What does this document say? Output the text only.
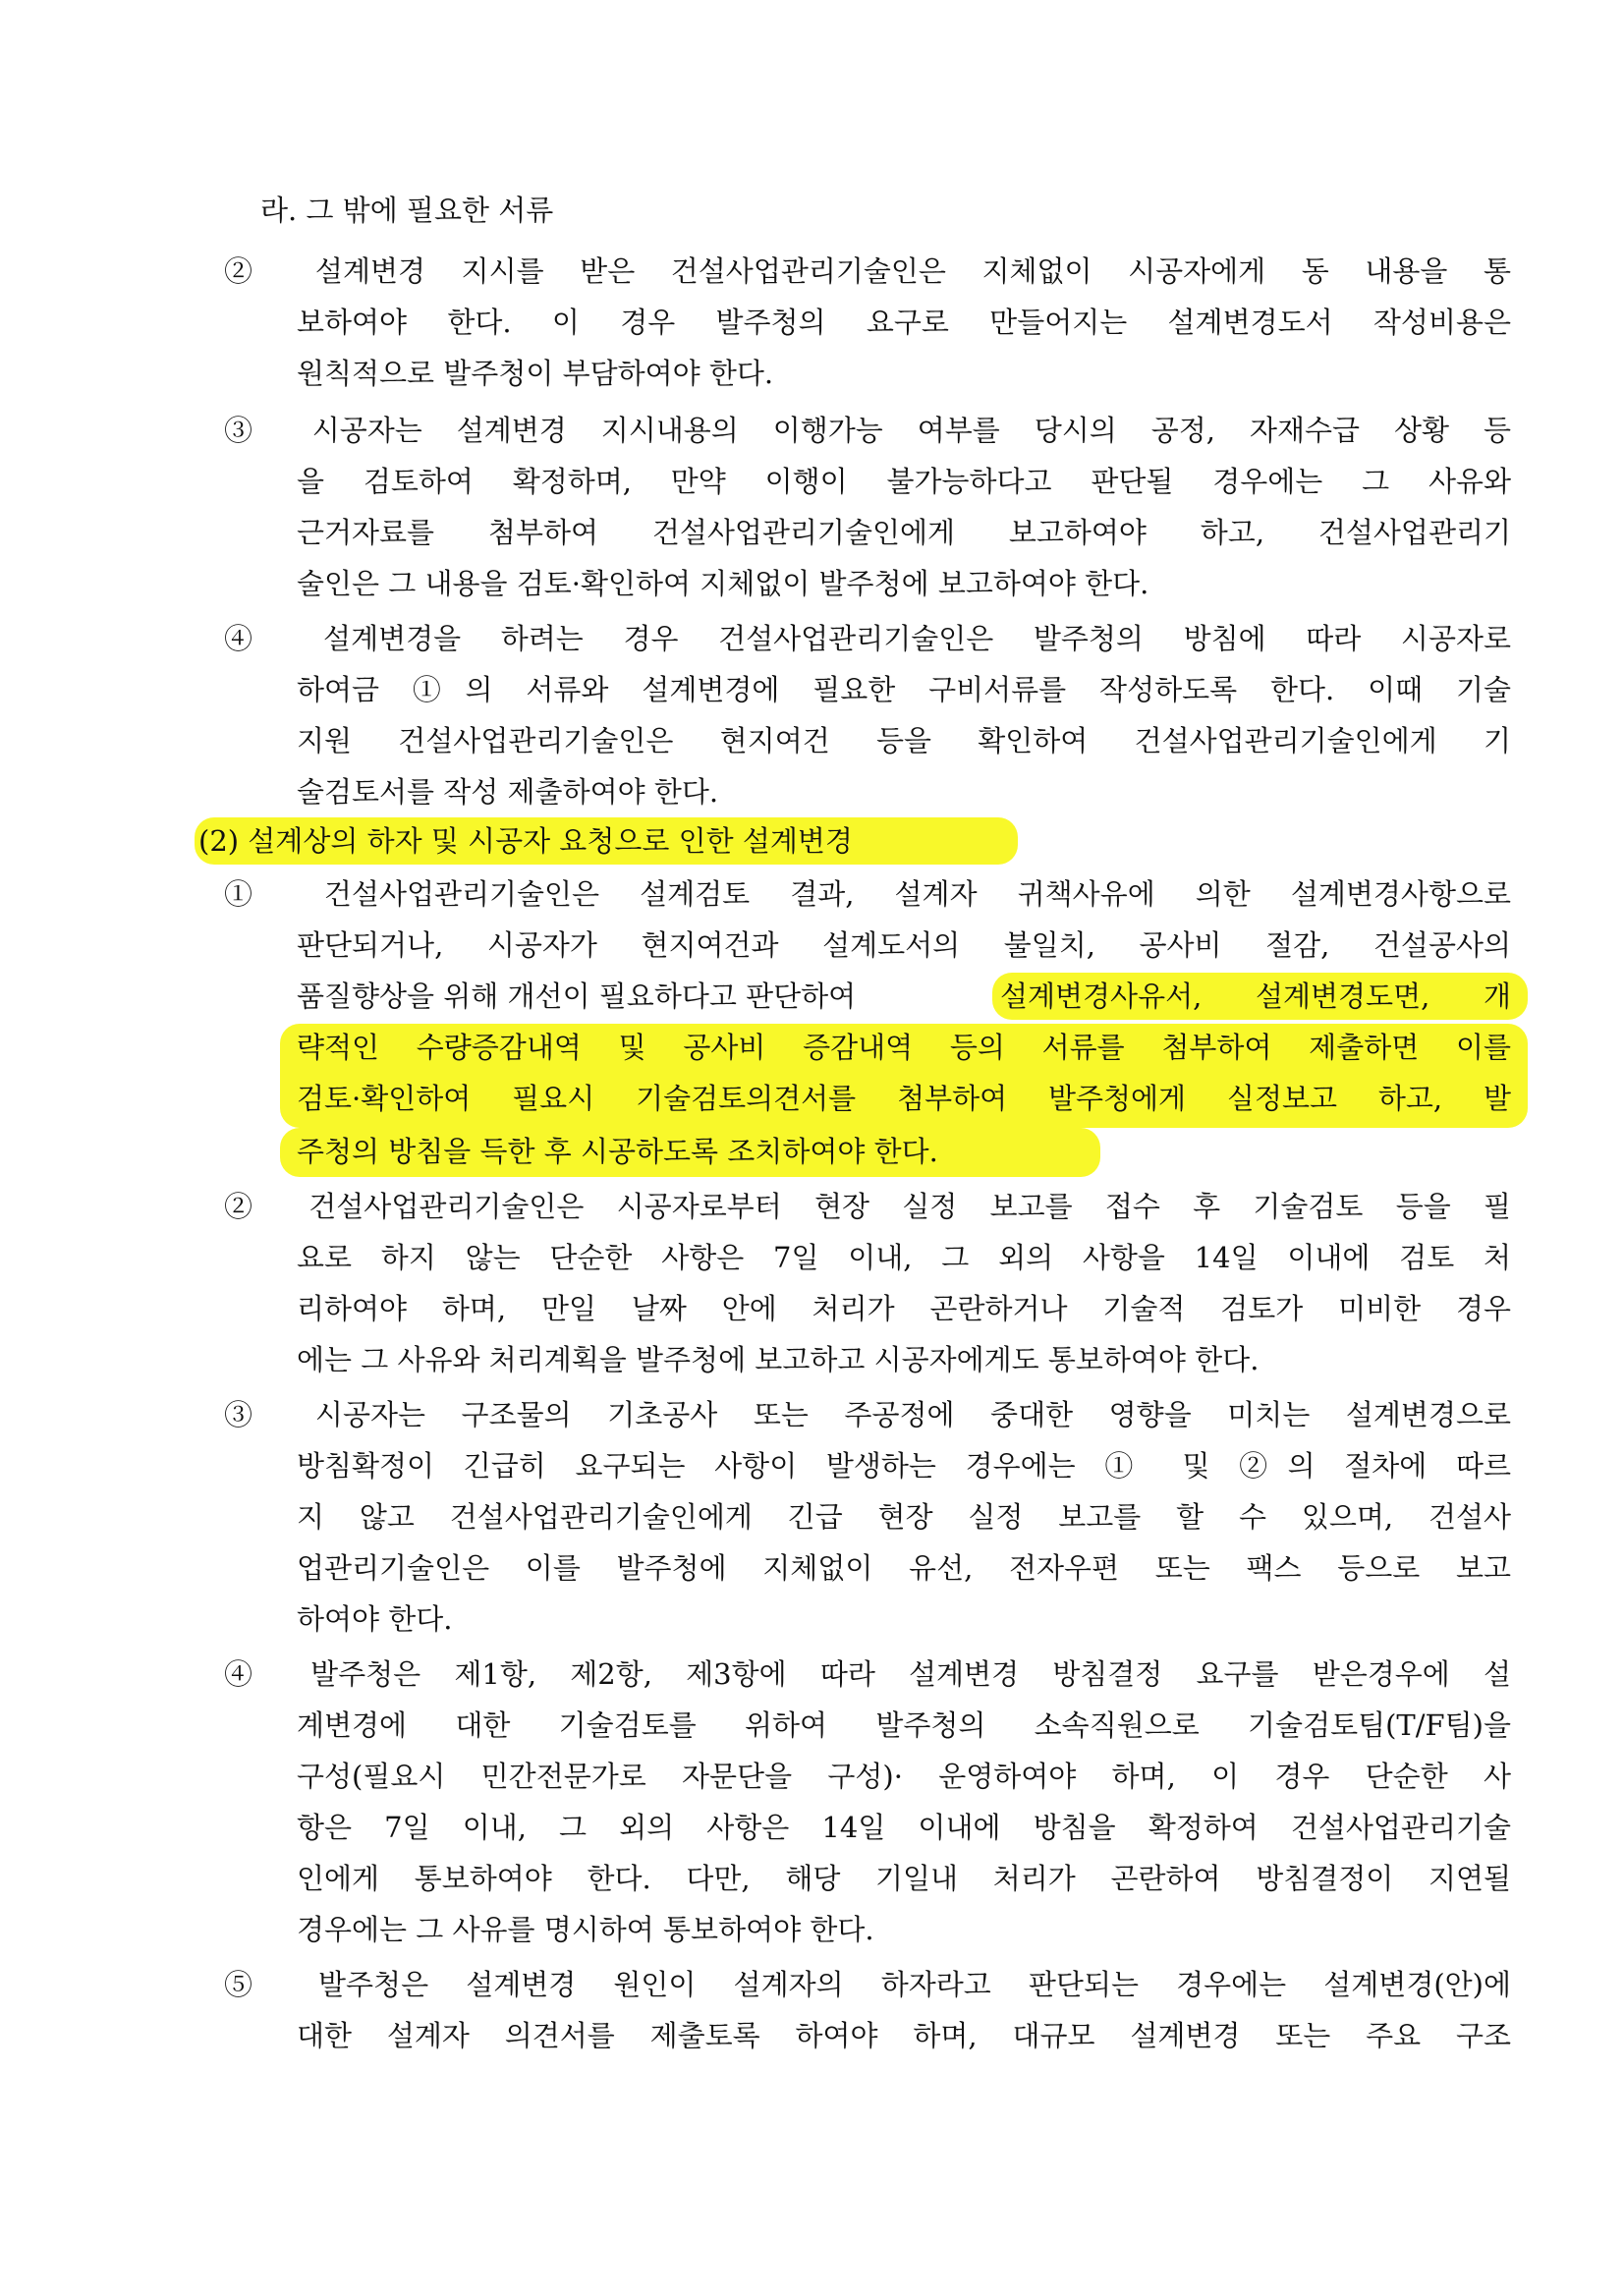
라. 그 밖에 필요한 서류
② 설계변경 지시를 받은 건설사업관리기술인은 지체없이 시공자에게 동 내용을 통
보하여야 한다. 이 경우 발주청의 요구로 만들어지는 설계변경도서 작성비용은
원칙적으로 발주청이 부담하여야 한다.
③ 시공자는 설계변경 지시내용의 이행가능 여부를 당시의 공정, 자재수급 상황 등
을 검토하여 확정하며, 만약 이행이 불가능하다고 판단될 경우에는 그 사유와
근거자료를 첨부하여 건설사업관리기술인에게 보고하여야 하고, 건설사업관리기
술인은 그 내용을 검토·확인하여 지체없이 발주청에 보고하여야 한다.
④ 설계변경을 하려는 경우 건설사업관리기술인은 발주청의 방침에 따라 시공자로
하여금 ①의 서류와 설계변경에 필요한 구비서류를 작성하도록 한다. 이때 기술
지원 건설사업관리기술인은 현지여건 등을 확인하여 건설사업관리기술인에게 기
술검토서를 작성 제출하여야 한다.
(2) 설계상의 하자 및 시공자 요청으로 인한 설계변경
① 건설사업관리기술인은 설계검토 결과, 설계자 귀책사유에 의한 설계변경사항으로
판단되거나, 시공자가 현지여건과 설계도서의 불일치, 공사비 절감, 건설공사의
품질향상을 위해 개선이 필요하다고 판단하여	설계변경사유서, 설계변경도면, 개
략적인 수량증감내역 및 공사비 증감내역 등의 서류를 첨부하여 제출하면 이를
검토·확인하여 필요시 기술검토의견서를 첨부하여 발주청에게 실정보고 하고, 발
주청의 방침을 득한 후 시공하도록 조치하여야 한다.
② 건설사업관리기술인은 시공자로부터 현장 실정 보고를 접수 후 기술검토 등을 필
요로 하지 않는 단순한 사항은 7일 이내, 그 외의 사항을 14일 이내에 검토 처
리하여야 하며, 만일 날짜 안에 처리가 곤란하거나 기술적 검토가 미비한 경우
에는 그 사유와 처리계획을 발주청에 보고하고 시공자에게도 통보하여야 한다.
③ 시공자는 구조물의 기초공사 또는 주공정에 중대한 영향을 미치는 설계변경으로
방침확정이 긴급히 요구되는 사항이 발생하는 경우에는 ① 및 ②의 절차에 따르
지 않고 건설사업관리기술인에게 긴급 현장 실정 보고를 할 수 있으며, 건설사
업관리기술인은 이를 발주청에 지체없이 유선, 전자우편 또는 팩스 등으로 보고
하여야 한다.
④ 발주청은 제1항, 제2항, 제3항에 따라 설계변경 방침결정 요구를 받은경우에 설
계변경에 대한 기술검토를 위하여 발주청의 소속직원으로 기술검토팀(T/F팀)을
구성(필요시 민간전문가로 자문단을 구성)· 운영하여야 하며, 이 경우 단순한 사
항은 7일 이내, 그 외의 사항은 14일 이내에 방침을 확정하여 건설사업관리기술
인에게 통보하여야 한다. 다만, 해당 기일내 처리가 곤란하여 방침결정이 지연될
경우에는 그 사유를 명시하여 통보하여야 한다.
⑤ 발주청은 설계변경 원인이 설계자의 하자라고 판단되는 경우에는 설계변경(안)에
대한 설계자 의견서를 제출토록 하여야 하며, 대규모 설계변경 또는 주요 구조
